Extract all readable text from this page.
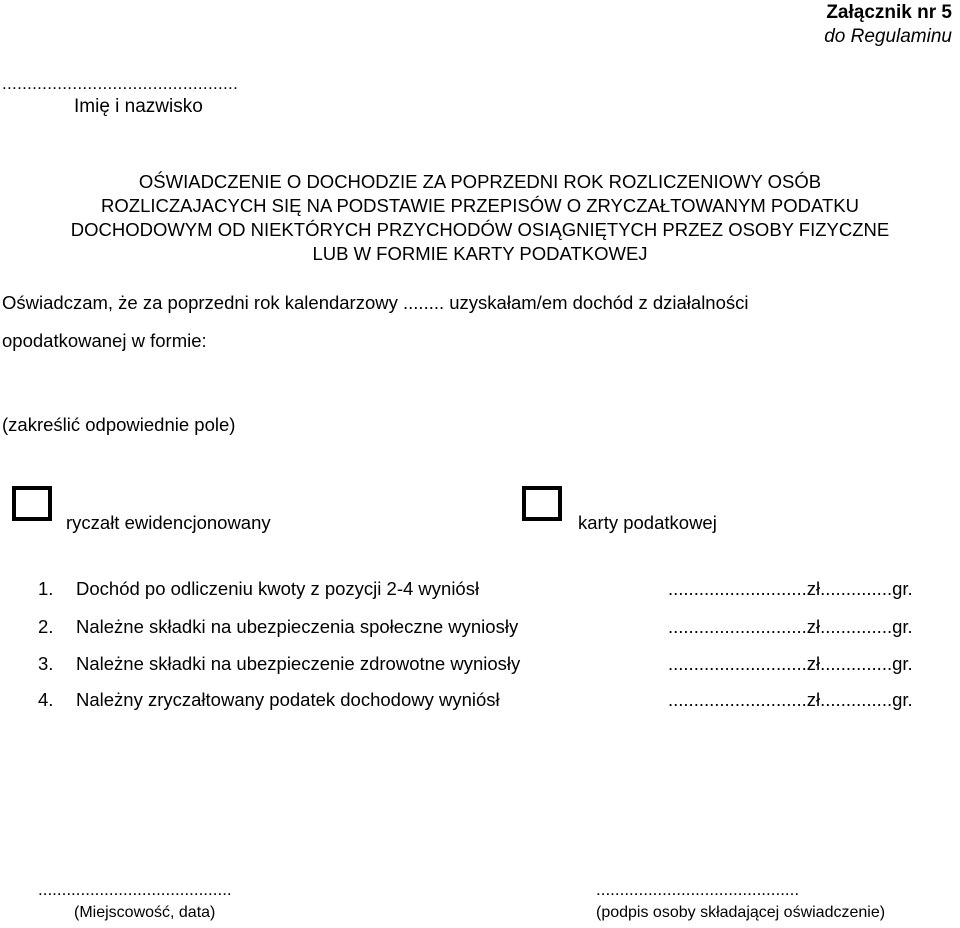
Załącznik nr 5
do Regulaminu
...............................................
Imię i nazwisko
OŚWIADCZENIE O DOCHODZIE ZA POPRZEDNI ROK ROZLICZENIOWY OSÓB
ROZLICZAJACYCH SIĘ NA PODSTAWIE PRZEPISÓW O ZRYCZAŁTOWANYM PODATKU
DOCHODOWYM OD NIEKTÓRYCH PRZYCHODÓW OSIĄGNIĘTYCH PRZEZ OSOBY FIZYCZNE
LUB W FORMIE KARTY PODATKOWEJ
Oświadczam, że za poprzedni rok kalendarzowy ........ uzyskałam/em dochód z działalności
opodatkowanej w formie:
(zakreślić odpowiednie pole)
ryczałt ewidencjonowany	karty podatkowej
1. Dochód po odliczeniu kwoty z pozycji 2-4 wyniósł	...........................zł..............gr.
2. Należne składki na ubezpieczenia społeczne wyniosły	...........................zł..............gr.
3. Należne składki na ubezpieczenie zdrowotne wyniosły	...........................zł..............gr.
4. Należny zryczałtowany podatek dochodowy wyniósł	...........................zł..............gr.
.........................................
(Miejscowość, data)
...........................................
(podpis osoby składającej oświadczenie)
